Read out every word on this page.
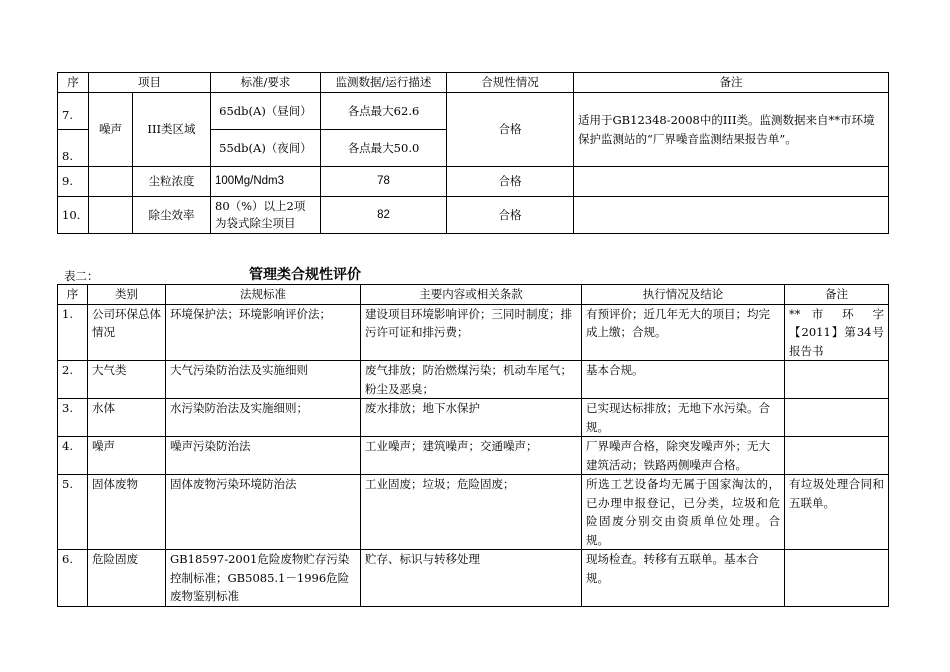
序	项目		标准/要求	监测数据/运行描述	合规性情况	备注
7.	噪声	III类区域	65db(A)（昼间）	各点最大62.6	合格	适用于GB12348-2008中的III类。监测数据来自**市环境保护监测站的“厂界噪音监测结果报告单”。
8.			55db(A)（夜间）	各点最大50.0		
9.		尘粒浓度	100Mg/Ndm3	78	合格	
10.		除尘效率	80（%）以上2项为袋式除尘项目	82	合格	
表二：	管理类合规性评价
序	类别	法规标准	主要内容或相关条款	执行情况及结论	备注
1.	公司环保总体情况	环境保护法；环境影响评价法；	建设项目环境影响评价；三同时制度；排污许可证和排污费；	有预评价；近几年无大的项目；均完成上缴；合规。	** 市 环 字【2011】第34号报告书
2.	大气类	大气污染防治法及实施细则	废气排放；防治燃煤污染；机动车尾气；粉尘及恶臭；	基本合规。	
3.	水体	水污染防治法及实施细则；	废水排放；地下水保护	已实现达标排放；无地下水污染。合规。	
4.	噪声	噪声污染防治法	工业噪声；建筑噪声；交通噪声；	厂界噪声合格，除突发噪声外；无大建筑活动；铁路两侧噪声合格。	
5.	固体废物	固体废物污染环境防治法	工业固废；垃圾；危险固废；	所选工艺设备均无属于国家淘汰的，已办理申报登记，已分类，垃圾和危险固废分别交由资质单位处理。合规。	有垃圾处理合同和五联单。
6.	危险固废	GB18597-2001危险废物贮存污染控制标准；GB5085.1－1996危险废物鉴别标准	贮存、标识与转移处理	现场检查。转移有五联单。基本合规。	
